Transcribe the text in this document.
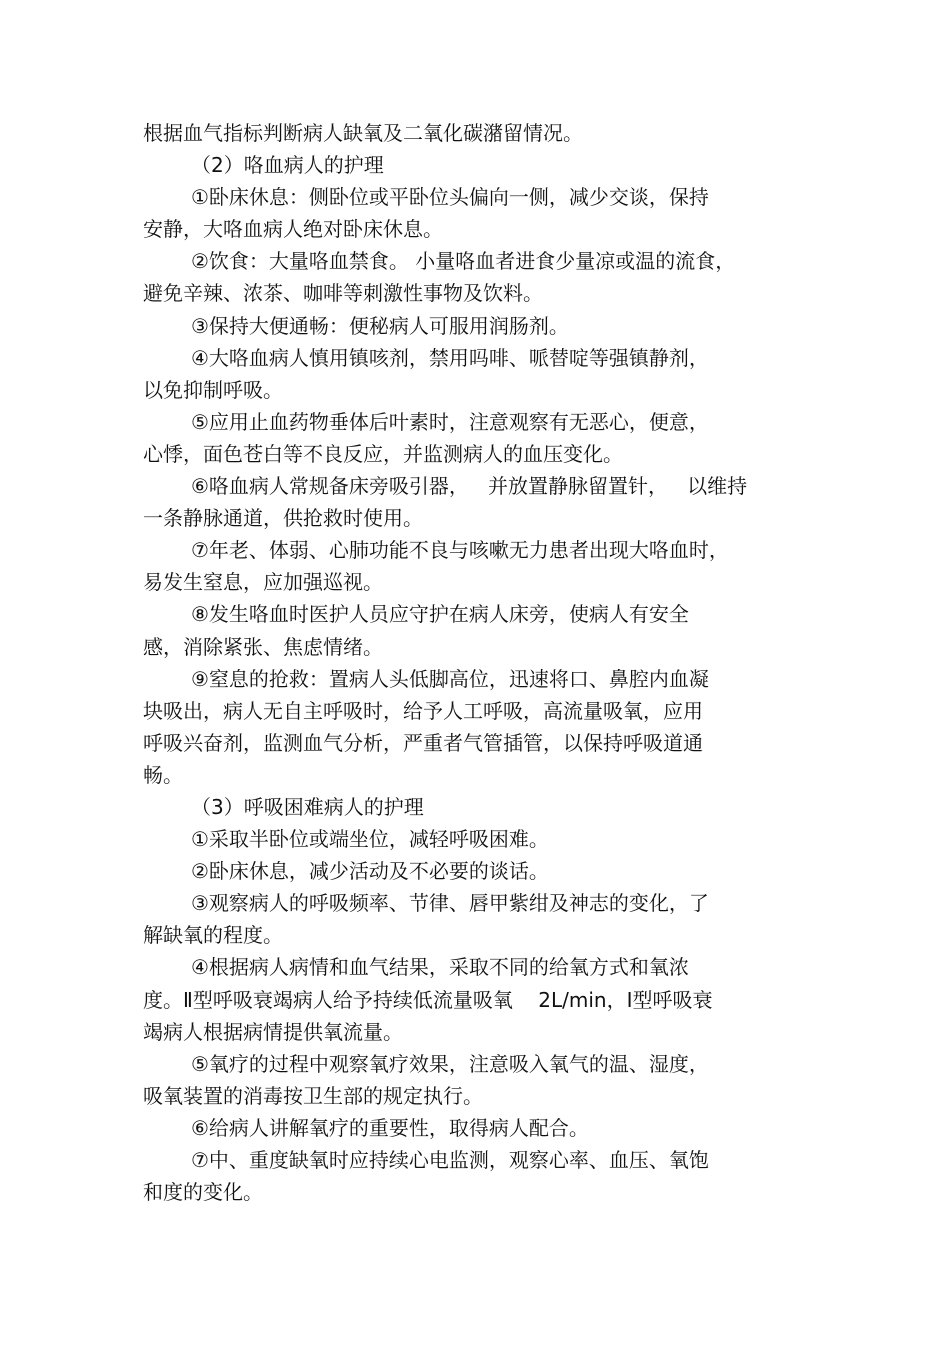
根据血气指标判断病人缺氧及二氧化碳潴留情况。
（2）咯血病人的护理
①卧床休息：侧卧位或平卧位头偏向一侧，减少交谈，保持
安静，大咯血病人绝对卧床休息。
②饮食：大量咯血禁食。 小量咯血者进食少量凉或温的流食，
避免辛辣、浓茶、咖啡等刺激性事物及饮料。
③保持大便通畅：便秘病人可服用润肠剂。
④大咯血病人慎用镇咳剂，禁用吗啡、哌替啶等强镇静剂，
以免抑制呼吸。
⑤应用止血药物垂体后叶素时，注意观察有无恶心，便意，
心悸，面色苍白等不良反应，并监测病人的血压变化。
⑥咯血病人常规备床旁吸引器，   并放置静脉留置针，   以维持
一条静脉通道，供抢救时使用。
⑦年老、体弱、心肺功能不良与咳嗽无力患者出现大咯血时，
易发生窒息，应加强巡视。
⑧发生咯血时医护人员应守护在病人床旁，使病人有安全
感，消除紧张、焦虑情绪。
⑨窒息的抢救：置病人头低脚高位，迅速将口、鼻腔内血凝
块吸出，病人无自主呼吸时，给予人工呼吸，高流量吸氧，应用
呼吸兴奋剂，监测血气分析，严重者气管插管，以保持呼吸道通
畅。
（3）呼吸困难病人的护理
①采取半卧位或端坐位，减轻呼吸困难。
②卧床休息，减少活动及不必要的谈话。
③观察病人的呼吸频率、节律、唇甲紫绀及神志的变化，了
解缺氧的程度。
④根据病人病情和血气结果，采取不同的给氧方式和氧浓
度。Ⅱ型呼吸衰竭病人给予持续低流量吸氧    2L/min，Ⅰ型呼吸衰
竭病人根据病情提供氧流量。
⑤氧疗的过程中观察氧疗效果，注意吸入氧气的温、湿度，
吸氧装置的消毒按卫生部的规定执行。
⑥给病人讲解氧疗的重要性，取得病人配合。
⑦中、重度缺氧时应持续心电监测，观察心率、血压、氧饱
和度的变化。
